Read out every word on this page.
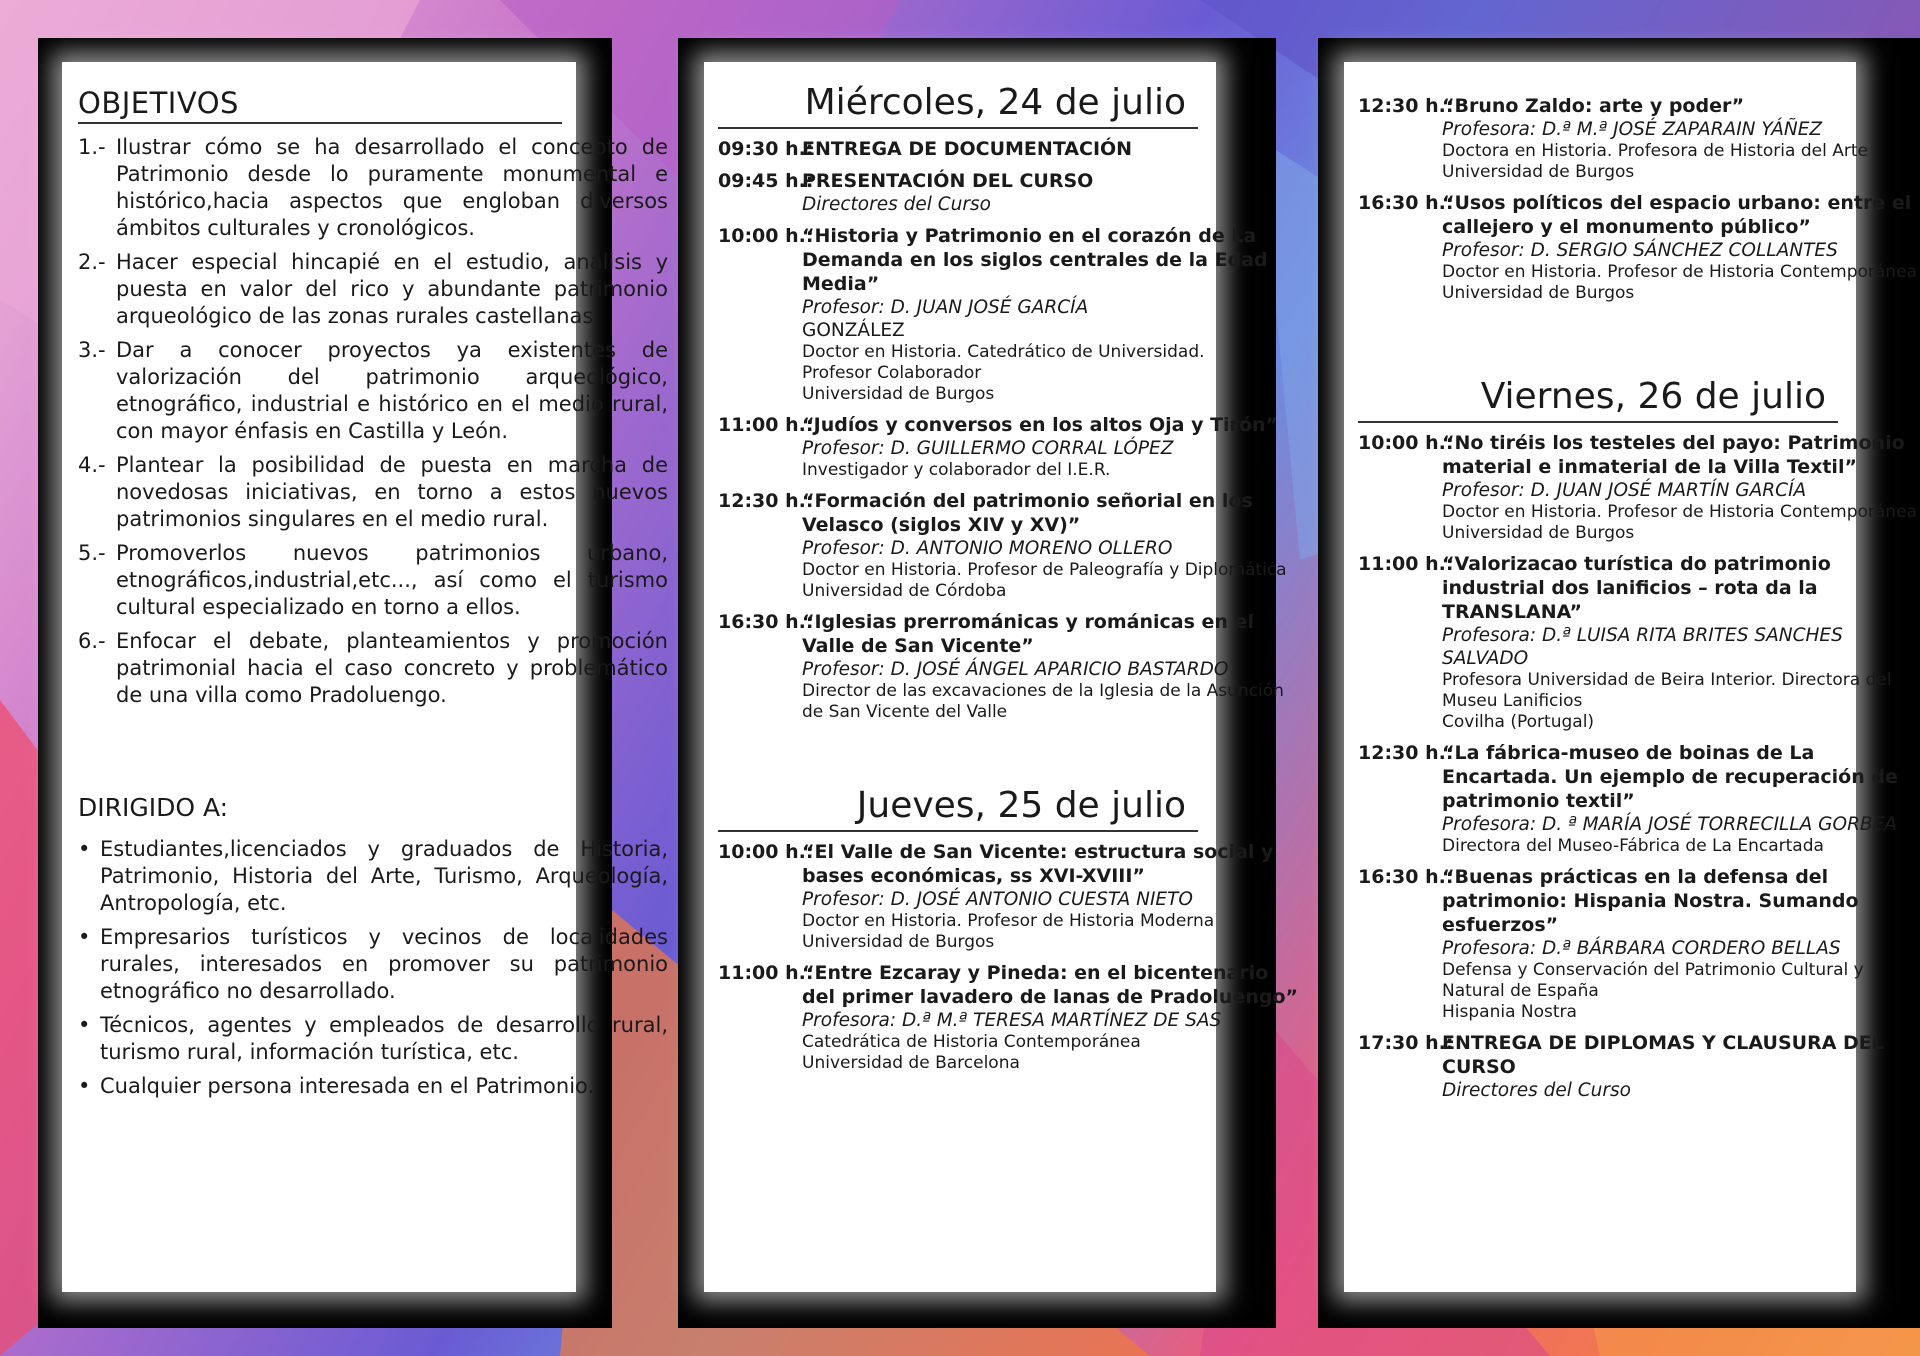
OBJETIVOS
1.- Ilustrar cómo se ha desarrollado el concepto de Patrimonio desde lo puramente monumental e histórico,hacia aspectos que engloban diversos ámbitos culturales y cronológicos.
2.- Hacer especial hincapié en el estudio, análisis y puesta en valor del rico y abundante patrimonio arqueológico de las zonas rurales castellanas.
3.- Dar a conocer proyectos ya existentes de valorización del patrimonio arqueológico, etnográfico, industrial e histórico en el medio rural, con mayor énfasis en Castilla y León.
4.- Plantear la posibilidad de puesta en marcha de novedosas iniciativas, en torno a estos nuevos patrimonios singulares en el medio rural.
5.- Promoverlos nuevos patrimonios urbano, etnográficos,industrial,etc..., así como el turismo cultural especializado en torno a ellos.
6.- Enfocar el debate, planteamientos y promoción patrimonial hacia el caso concreto y problemático de una villa como Pradoluengo.
DIRIGIDO A:
• Estudiantes,licenciados y graduados de Historia, Patrimonio, Historia del Arte, Turismo, Arqueología, Antropología, etc.
• Empresarios turísticos y vecinos de localidades rurales, interesados en promover su patrimonio etnográfico no desarrollado.
• Técnicos, agentes y empleados de desarrollo rural, turismo rural, información turística, etc.
• Cualquier persona interesada en el Patrimonio.
Miércoles, 24 de julio
09:30 h.:
ENTREGA DE DOCUMENTACIÓN
09:45 h.:
PRESENTACIÓN DEL CURSO
Directores del Curso
10:00 h.:
“Historia y Patrimonio en el corazón de La Demanda en los siglos centrales de la Edad Media”
Profesor: D. JUAN JOSÉ GARCÍA
GONZÁLEZ
Doctor en Historia. Catedrático de Universidad.
Profesor Colaborador
Universidad de Burgos
11:00 h.:
“Judíos y conversos en los altos Oja y Tirón”
Profesor: D. GUILLERMO CORRAL LÓPEZ
Investigador y colaborador del I.E.R.
12:30 h.:
“Formación del patrimonio señorial en los Velasco (siglos XIV y XV)”
Profesor: D. ANTONIO MORENO OLLERO
Doctor en Historia. Profesor de Paleografía y Diplomática
Universidad de Córdoba
16:30 h.:
“Iglesias prerrománicas y románicas en el Valle de San Vicente”
Profesor: D. JOSÉ ÁNGEL APARICIO BASTARDO
Director de las excavaciones de la Iglesia de la Asunción de San Vicente del Valle
Jueves, 25 de julio
10:00 h.:
“El Valle de San Vicente: estructura social y bases económicas, ss XVI-XVIII”
Profesor: D. JOSÉ ANTONIO CUESTA NIETO
Doctor en Historia. Profesor de Historia Moderna
Universidad de Burgos
11:00 h.:
“Entre Ezcaray y Pineda: en el bicentenario del primer lavadero de lanas de Pradoluengo”
Profesora: D.ª M.ª TERESA MARTÍNEZ DE SAS
Catedrática de Historia Contemporánea
Universidad de Barcelona
12:30 h.:
“Bruno Zaldo: arte y poder”
Profesora: D.ª M.ª JOSÉ ZAPARAIN YÁÑEZ
Doctora en Historia. Profesora de Historia del Arte
Universidad de Burgos
16:30 h.:
“Usos políticos del espacio urbano: entre el callejero y el monumento público”
Profesor: D. SERGIO SÁNCHEZ COLLANTES
Doctor en Historia. Profesor de Historia Contemporánea
Universidad de Burgos
Viernes, 26 de julio
10:00 h.:
“No tiréis los testeles del payo: Patrimonio material e inmaterial de la Villa Textil”
Profesor: D. JUAN JOSÉ MARTÍN GARCÍA
Doctor en Historia. Profesor de Historia Contemporánea
Universidad de Burgos
11:00 h.:
“Valorizacao turística do patrimonio industrial dos lanificios – rota da la TRANSLANA”
Profesora: D.ª LUISA RITA BRITES SANCHES SALVADO
Profesora Universidad de Beira Interior. Directora del Museu Lanificios
Covilha (Portugal)
12:30 h.:
“La fábrica-museo de boinas de La Encartada. Un ejemplo de recuperación de patrimonio textil”
Profesora: D. ª MARÍA JOSÉ TORRECILLA GORBEA
Directora del Museo-Fábrica de La Encartada
16:30 h.:
“Buenas prácticas en la defensa del patrimonio: Hispania Nostra. Sumando esfuerzos”
Profesora: D.ª BÁRBARA CORDERO BELLAS
Defensa y Conservación del Patrimonio Cultural y Natural de España
Hispania Nostra
17:30 h.:
ENTREGA DE DIPLOMAS Y CLAUSURA DEL CURSO
Directores del Curso
